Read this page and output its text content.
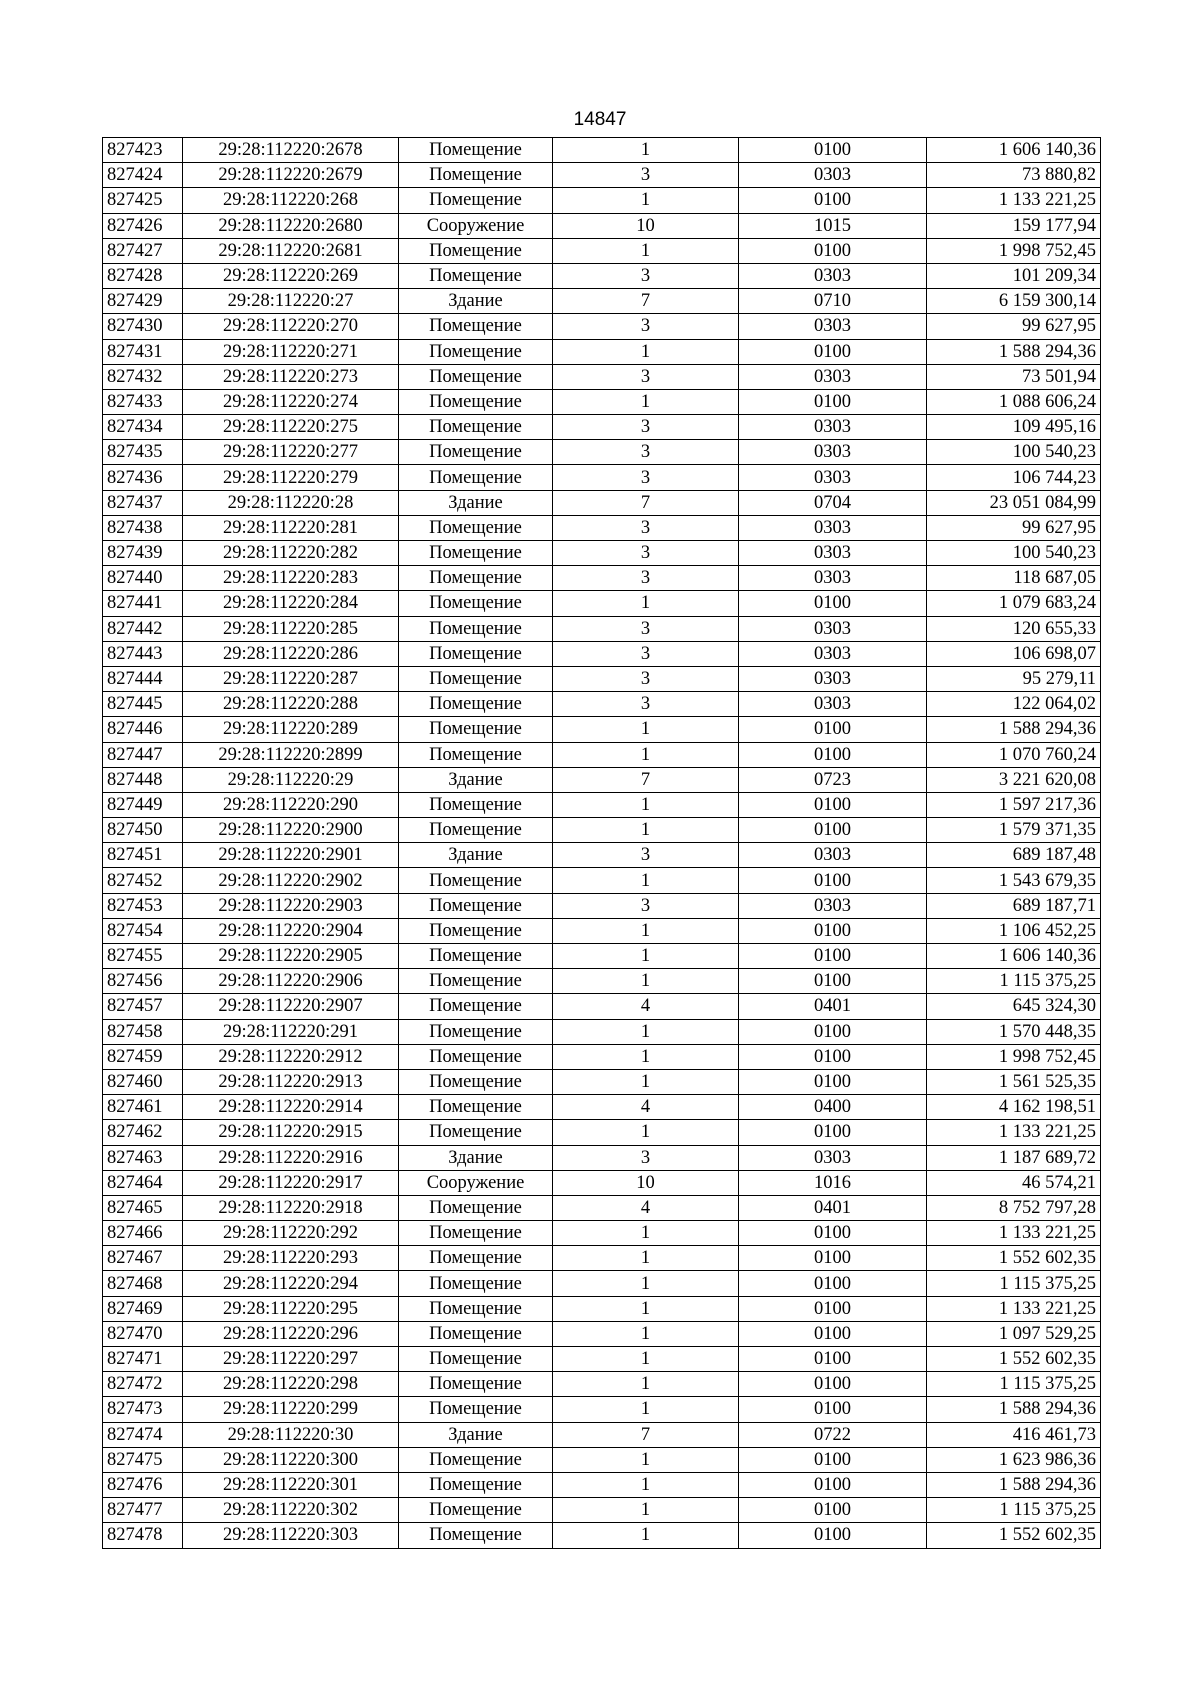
14847
827423	29:28:112220:2678	Помещение	1	0100	1 606 140,36
827424	29:28:112220:2679	Помещение	3	0303	73 880,82
827425	29:28:112220:268	Помещение	1	0100	1 133 221,25
827426	29:28:112220:2680	Сооружение	10	1015	159 177,94
827427	29:28:112220:2681	Помещение	1	0100	1 998 752,45
827428	29:28:112220:269	Помещение	3	0303	101 209,34
827429	29:28:112220:27	Здание	7	0710	6 159 300,14
827430	29:28:112220:270	Помещение	3	0303	99 627,95
827431	29:28:112220:271	Помещение	1	0100	1 588 294,36
827432	29:28:112220:273	Помещение	3	0303	73 501,94
827433	29:28:112220:274	Помещение	1	0100	1 088 606,24
827434	29:28:112220:275	Помещение	3	0303	109 495,16
827435	29:28:112220:277	Помещение	3	0303	100 540,23
827436	29:28:112220:279	Помещение	3	0303	106 744,23
827437	29:28:112220:28	Здание	7	0704	23 051 084,99
827438	29:28:112220:281	Помещение	3	0303	99 627,95
827439	29:28:112220:282	Помещение	3	0303	100 540,23
827440	29:28:112220:283	Помещение	3	0303	118 687,05
827441	29:28:112220:284	Помещение	1	0100	1 079 683,24
827442	29:28:112220:285	Помещение	3	0303	120 655,33
827443	29:28:112220:286	Помещение	3	0303	106 698,07
827444	29:28:112220:287	Помещение	3	0303	95 279,11
827445	29:28:112220:288	Помещение	3	0303	122 064,02
827446	29:28:112220:289	Помещение	1	0100	1 588 294,36
827447	29:28:112220:2899	Помещение	1	0100	1 070 760,24
827448	29:28:112220:29	Здание	7	0723	3 221 620,08
827449	29:28:112220:290	Помещение	1	0100	1 597 217,36
827450	29:28:112220:2900	Помещение	1	0100	1 579 371,35
827451	29:28:112220:2901	Здание	3	0303	689 187,48
827452	29:28:112220:2902	Помещение	1	0100	1 543 679,35
827453	29:28:112220:2903	Помещение	3	0303	689 187,71
827454	29:28:112220:2904	Помещение	1	0100	1 106 452,25
827455	29:28:112220:2905	Помещение	1	0100	1 606 140,36
827456	29:28:112220:2906	Помещение	1	0100	1 115 375,25
827457	29:28:112220:2907	Помещение	4	0401	645 324,30
827458	29:28:112220:291	Помещение	1	0100	1 570 448,35
827459	29:28:112220:2912	Помещение	1	0100	1 998 752,45
827460	29:28:112220:2913	Помещение	1	0100	1 561 525,35
827461	29:28:112220:2914	Помещение	4	0400	4 162 198,51
827462	29:28:112220:2915	Помещение	1	0100	1 133 221,25
827463	29:28:112220:2916	Здание	3	0303	1 187 689,72
827464	29:28:112220:2917	Сооружение	10	1016	46 574,21
827465	29:28:112220:2918	Помещение	4	0401	8 752 797,28
827466	29:28:112220:292	Помещение	1	0100	1 133 221,25
827467	29:28:112220:293	Помещение	1	0100	1 552 602,35
827468	29:28:112220:294	Помещение	1	0100	1 115 375,25
827469	29:28:112220:295	Помещение	1	0100	1 133 221,25
827470	29:28:112220:296	Помещение	1	0100	1 097 529,25
827471	29:28:112220:297	Помещение	1	0100	1 552 602,35
827472	29:28:112220:298	Помещение	1	0100	1 115 375,25
827473	29:28:112220:299	Помещение	1	0100	1 588 294,36
827474	29:28:112220:30	Здание	7	0722	416 461,73
827475	29:28:112220:300	Помещение	1	0100	1 623 986,36
827476	29:28:112220:301	Помещение	1	0100	1 588 294,36
827477	29:28:112220:302	Помещение	1	0100	1 115 375,25
827478	29:28:112220:303	Помещение	1	0100	1 552 602,35
